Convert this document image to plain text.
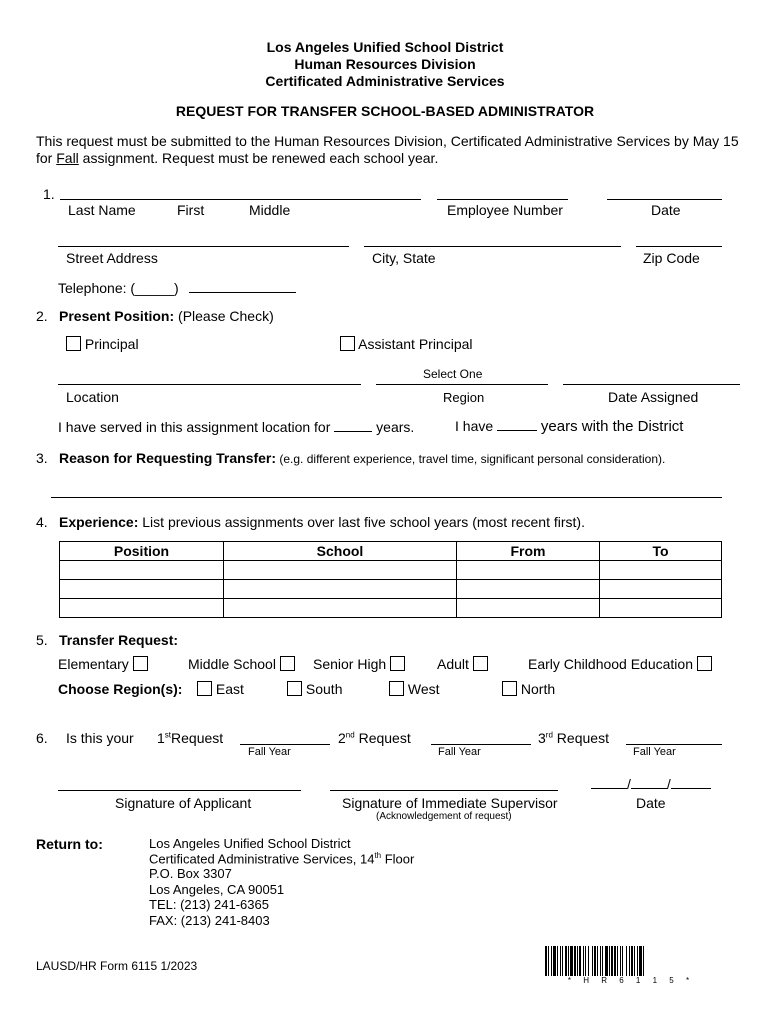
Los Angeles Unified School District
Human Resources Division
Certificated Administrative Services
REQUEST FOR TRANSFER SCHOOL-BASED ADMINISTRATOR
This request must be submitted to the Human Resources Division, Certificated Administrative Services by May 15
for Fall assignment. Request must be renewed each school year.
1.
Last Name	First	Middle	Employee Number	Date
Street Address	City, State	Zip Code
Telephone: (_____)
2. Present Position: (Please Check)
Principal	Assistant Principal
Select One
Location	Region	Date Assigned
I have served in this assignment location for	years.	I have	years with the District
3. Reason for Requesting Transfer: (e.g. different experience, travel time, significant personal consideration).
4. Experience: List previous assignments over last five school years (most recent first).
Position	School	From	To

5. Transfer Request:
Elementary	Middle School	Senior High	Adult	Early Childhood Education
Choose Region(s):	East	South	West	North
6. Is this your 1stRequest
Fall Year
2nd Request
Fall Year
3rd Request
Fall Year
/	/
Signature of Applicant	Signature of Immediate Supervisor
(Acknowledgement of request)
Date
Return to:	Los Angeles Unified School District
Certificated Administrative Services, 14th Floor
P.O. Box 3307
Los Angeles, CA 90051
TEL: (213) 241-6365
FAX: (213) 241-8403
LAUSD/HR Form 6115 1/2023
* H R 6 1 1 5 *
